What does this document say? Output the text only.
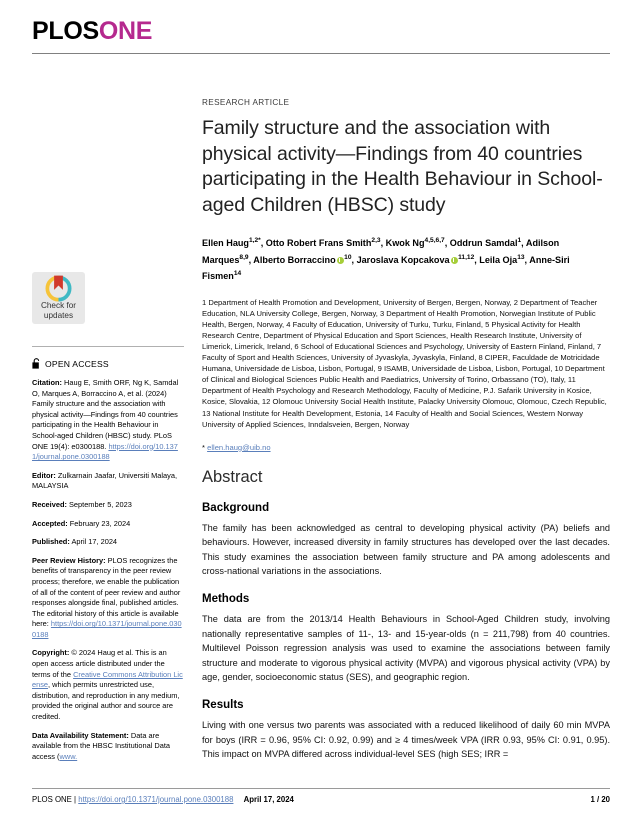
PLOSONE
Check for
updates
OPEN ACCESS
Citation: Haug E, Smith ORF, Ng K, Samdal O, Marques A, Borraccino A, et al. (2024) Family structure and the association with physical activity—Findings from 40 countries participating in the Health Behaviour in School-aged Children (HBSC) study. PLoS ONE 19(4): e0300188. https://doi.org/10.1371/journal.pone.0300188
Editor: Zulkarnain Jaafar, Universiti Malaya, MALAYSIA
Received: September 5, 2023
Accepted: February 23, 2024
Published: April 17, 2024
Peer Review History: PLOS recognizes the benefits of transparency in the peer review process; therefore, we enable the publication of all of the content of peer review and author responses alongside final, published articles. The editorial history of this article is available here: https://doi.org/10.1371/journal.pone.0300188
Copyright: © 2024 Haug et al. This is an open access article distributed under the terms of the Creative Commons Attribution License, which permits unrestricted use, distribution, and reproduction in any medium, provided the original author and source are credited.
Data Availability Statement: Data are available from the HBSC Institutional Data access (www.
RESEARCH ARTICLE
Family structure and the association with physical activity—Findings from 40 countries participating in the Health Behaviour in School-aged Children (HBSC) study
Ellen Haug$^{1,2*}$, Otto Robert Frans Smith$^{2,3}$, Kwok Ng$^{4,5,6,7}$, Oddrun Samdal$^1$, Adilson Marques$^{8,9}$, Alberto Borraccino $^{10}$, Jaroslava Kopcakova $^{11,12}$, Leila Oja$^{13}$, Anne-Siri Fismen$^{14}$
1 Department of Health Promotion and Development, University of Bergen, Bergen, Norway, 2 Department of Teacher Education, NLA University College, Bergen, Norway, 3 Department of Health Promotion, Norwegian Institute of Public Health, Bergen, Norway, 4 Faculty of Education, University of Turku, Turku, Finland, 5 Physical Activity for Health Research Centre, Department of Physical Education and Sport Sciences, Health Research Institute, University of Limerick, Limerick, Ireland, 6 School of Educational Sciences and Psychology, University of Eastern Finland, Finland, 7 Faculty of Sport and Health Sciences, University of Jyvaskyla, Jyvaskyla, Finland, 8 CIPER, Faculdade de Motricidade Humana, Universidade de Lisboa, Lisbon, Portugal, 9 ISAMB, Universidade de Lisboa, Lisbon, Portugal, 10 Department of Clinical and Biological Sciences Public Health and Paediatrics, University of Torino, Orbassano (TO), Italy, 11 Department of Health Psychology and Research Methodology, Faculty of Medicine, P.J. Safarik University in Kosice, Kosice, Slovakia, 12 Olomouc University Social Health Institute, Palacky University Olomouc, Olomouc, Czech Republic, 13 National Institute for Health Development, Estonia, 14 Faculty of Health and Social Sciences, Western Norway University of Applied Sciences, Inndalsveien, Bergen, Norway
* ellen.haug@uib.no
Abstract
Background

The family has been acknowledged as central to developing physical activity (PA) beliefs and behaviours. However, increased diversity in family structures has developed over the last decades. This study examines the association between family structure and PA among adolescents and cross-national variations in the associations.

Methods

The data are from the 2013/14 Health Behaviours in School-Aged Children study, involving nationally representative samples of 11-, 13- and 15-year-olds (n = 211,798) from 40 countries. Multilevel Poisson regression analysis was used to examine the associations between family structure and moderate to vigorous physical activity (MVPA) and vigorous physical activity (VPA) by age, gender, socioeconomic status (SES), and geographic region.

Results

Living with one versus two parents was associated with a reduced likelihood of daily 60 min MVPA for boys (IRR = 0.96, 95% CI: 0.92, 0.99) and ≥ 4 times/week VPA (IRR 0.93, 95% CI: 0.91, 0.95). This impact on MVPA differed across individual-level SES (high SES; IRR =

PLOS ONE | https://doi.org/10.1371/journal.pone.0300188 April 17, 2024	1 / 20
